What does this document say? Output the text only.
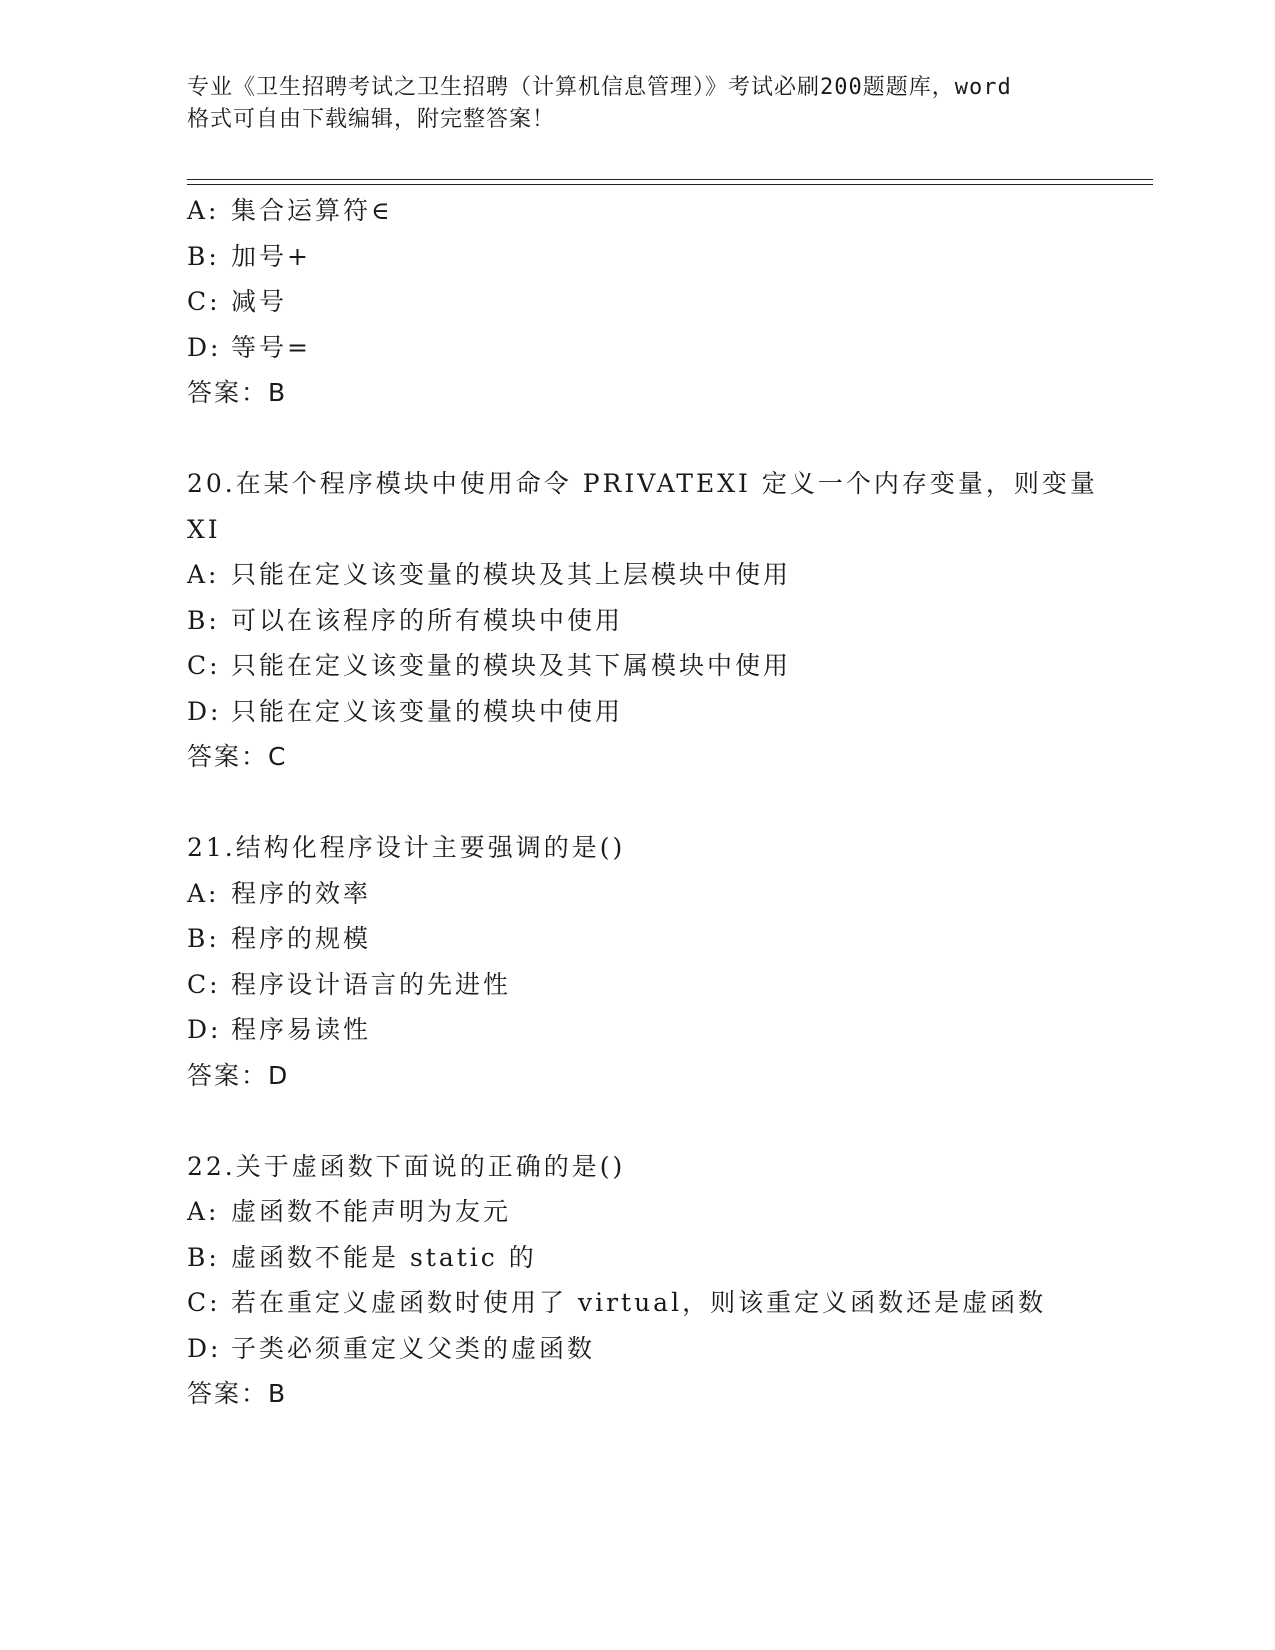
专业《卫生招聘考试之卫生招聘（计算机信息管理）》考试必刷200题题库，word
格式可自由下载编辑，附完整答案！
A: 集合运算符∈
B: 加号+
C: 减号
D: 等号=
答案：B
20.在某个程序模块中使用命令 PRIVATEXI 定义一个内存变量，则变量
XI
A: 只能在定义该变量的模块及其上层模块中使用
B: 可以在该程序的所有模块中使用
C: 只能在定义该变量的模块及其下属模块中使用
D: 只能在定义该变量的模块中使用
答案：C
21.结构化程序设计主要强调的是()
A: 程序的效率
B: 程序的规模
C: 程序设计语言的先进性
D: 程序易读性
答案：D
22.关于虚函数下面说的正确的是()
A: 虚函数不能声明为友元
B: 虚函数不能是 static 的
C: 若在重定义虚函数时使用了 virtual，则该重定义函数还是虚函数
D: 子类必须重定义父类的虚函数
答案：B
